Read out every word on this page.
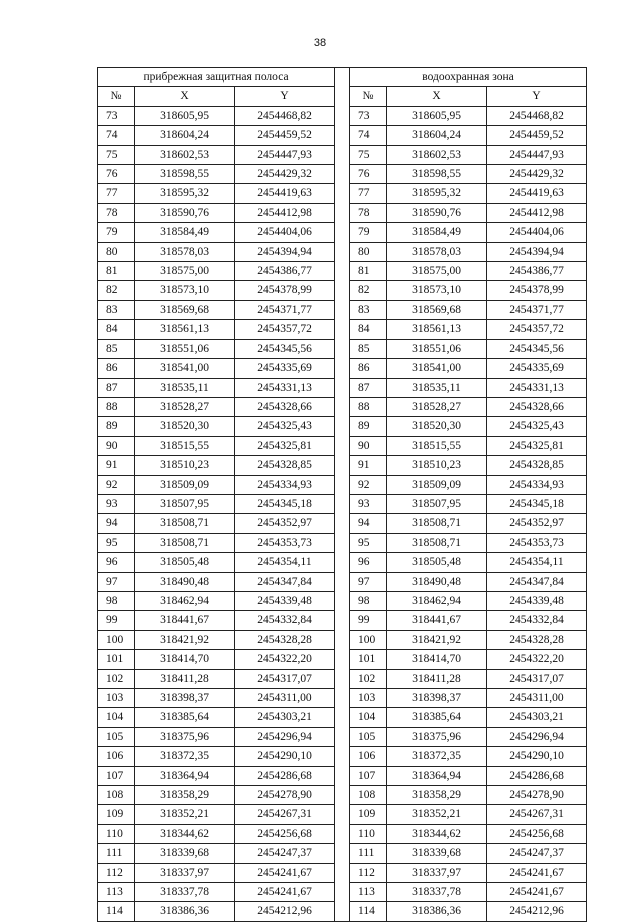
38
прибрежная защитная полоса				водоохранная зона		
№	X	Y		№	X	Y
73	318605,95	2454468,82		73	318605,95	2454468,82
74	318604,24	2454459,52		74	318604,24	2454459,52
75	318602,53	2454447,93		75	318602,53	2454447,93
76	318598,55	2454429,32		76	318598,55	2454429,32
77	318595,32	2454419,63		77	318595,32	2454419,63
78	318590,76	2454412,98		78	318590,76	2454412,98
79	318584,49	2454404,06		79	318584,49	2454404,06
80	318578,03	2454394,94		80	318578,03	2454394,94
81	318575,00	2454386,77		81	318575,00	2454386,77
82	318573,10	2454378,99		82	318573,10	2454378,99
83	318569,68	2454371,77		83	318569,68	2454371,77
84	318561,13	2454357,72		84	318561,13	2454357,72
85	318551,06	2454345,56		85	318551,06	2454345,56
86	318541,00	2454335,69		86	318541,00	2454335,69
87	318535,11	2454331,13		87	318535,11	2454331,13
88	318528,27	2454328,66		88	318528,27	2454328,66
89	318520,30	2454325,43		89	318520,30	2454325,43
90	318515,55	2454325,81		90	318515,55	2454325,81
91	318510,23	2454328,85		91	318510,23	2454328,85
92	318509,09	2454334,93		92	318509,09	2454334,93
93	318507,95	2454345,18		93	318507,95	2454345,18
94	318508,71	2454352,97		94	318508,71	2454352,97
95	318508,71	2454353,73		95	318508,71	2454353,73
96	318505,48	2454354,11		96	318505,48	2454354,11
97	318490,48	2454347,84		97	318490,48	2454347,84
98	318462,94	2454339,48		98	318462,94	2454339,48
99	318441,67	2454332,84		99	318441,67	2454332,84
100	318421,92	2454328,28		100	318421,92	2454328,28
101	318414,70	2454322,20		101	318414,70	2454322,20
102	318411,28	2454317,07		102	318411,28	2454317,07
103	318398,37	2454311,00		103	318398,37	2454311,00
104	318385,64	2454303,21		104	318385,64	2454303,21
105	318375,96	2454296,94		105	318375,96	2454296,94
106	318372,35	2454290,10		106	318372,35	2454290,10
107	318364,94	2454286,68		107	318364,94	2454286,68
108	318358,29	2454278,90		108	318358,29	2454278,90
109	318352,21	2454267,31		109	318352,21	2454267,31
110	318344,62	2454256,68		110	318344,62	2454256,68
111	318339,68	2454247,37		111	318339,68	2454247,37
112	318337,97	2454241,67		112	318337,97	2454241,67
113	318337,78	2454241,67		113	318337,78	2454241,67
114	318386,36	2454212,96		114	318386,36	2454212,96
